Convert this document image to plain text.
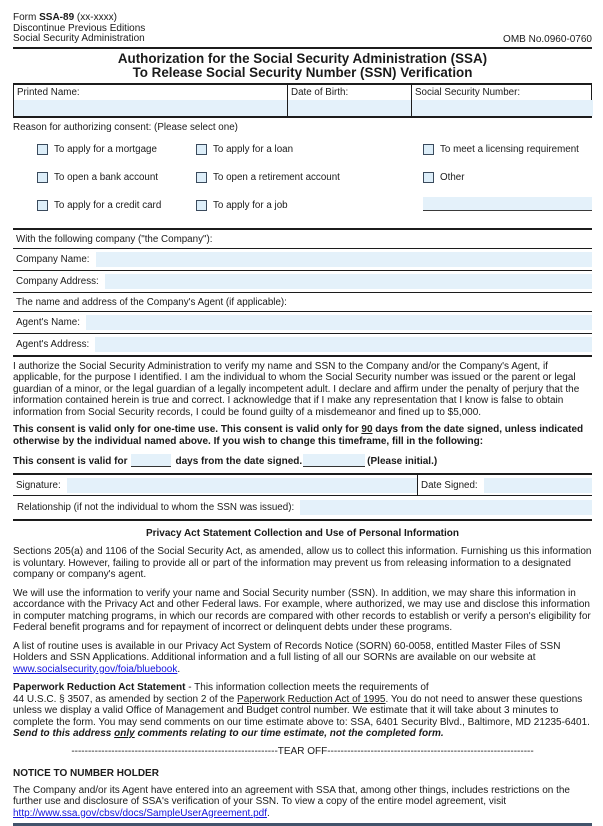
Form SSA-89 (xx-xxxx)
Discontinue Previous Editions
Social Security Administration	OMB No.0960-0760
Authorization for the Social Security Administration (SSA)
To Release Social Security Number (SSN) Verification
Printed Name:	Date of Birth:	Social Security Number:
Reason for authorizing consent: (Please select one)
To apply for a mortgage
To open a bank account
To apply for a credit card
To apply for a loan
To open a retirement account
To apply for a job
To meet a licensing requirement
Other
With the following company ("the Company"):
Company Name:
Company Address:
The name and address of the Company's Agent (if applicable):
Agent's Name:
Agent's Address:

I authorize the Social Security Administration to verify my name and SSN to the Company and/or the Company's Agent, if applicable, for the purpose I identified. I am the individual to whom the Social Security number was issued or the parent or legal guardian of a minor, or the legal guardian of a legally incompetent adult. I declare and affirm under the penalty of perjury that the information contained herein is true and correct. I acknowledge that if I make any representation that I know is false to obtain information from Social Security records, I could be found guilty of a misdemeanor and fined up to $5,000.

This consent is valid only for one-time use. This consent is valid only for 90 days from the date signed, unless indicated otherwise by the individual named above. If you wish to change this timeframe, fill in the following:

This consent is valid for	days from the date signed.	(Please initial.)
Signature:	Date Signed:
Relationship (if not the individual to whom the SSN was issued):
Privacy Act Statement Collection and Use of Personal Information

Sections 205(a) and 1106 of the Social Security Act, as amended, allow us to collect this information. Furnishing us this information is voluntary. However, failing to provide all or part of the information may prevent us from releasing information to a designated company or company's agent.

We will use the information to verify your name and Social Security number (SSN). In addition, we may share this information in accordance with the Privacy Act and other Federal laws. For example, where authorized, we may use and disclose this information in computer matching programs, in which our records are compared with other records to establish or verify a person's eligibility for Federal benefit programs and for repayment of incorrect or delinquent debts under these programs.

A list of routine uses is available in our Privacy Act System of Records Notice (SORN) 60-0058, entitled Master Files of SSN Holders and SSN Applications. Additional information and a full listing of all our SORNs are available on our website at www.socialsecurity.gov/foia/bluebook.

Paperwork Reduction Act Statement - This information collection meets the requirements of
44 U.S.C. § 3507, as amended by section 2 of the Paperwork Reduction Act of 1995. You do not need to answer these questions unless we display a valid Office of Management and Budget control number. We estimate that it will take about 3 minutes to complete the form. You may send comments on our time estimate above to: SSA, 6401 Security Blvd., Baltimore, MD 21235-6401. Send to this address only comments relating to our time estimate, not the completed form.

--------------------------------------------------------------TEAR OFF--------------------------------------------------------------
NOTICE TO NUMBER HOLDER

The Company and/or its Agent have entered into an agreement with SSA that, among other things, includes restrictions on the further use and disclosure of SSA's verification of your SSN. To view a copy of the entire model agreement, visit http://www.ssa.gov/cbsv/docs/SampleUserAgreement.pdf.
